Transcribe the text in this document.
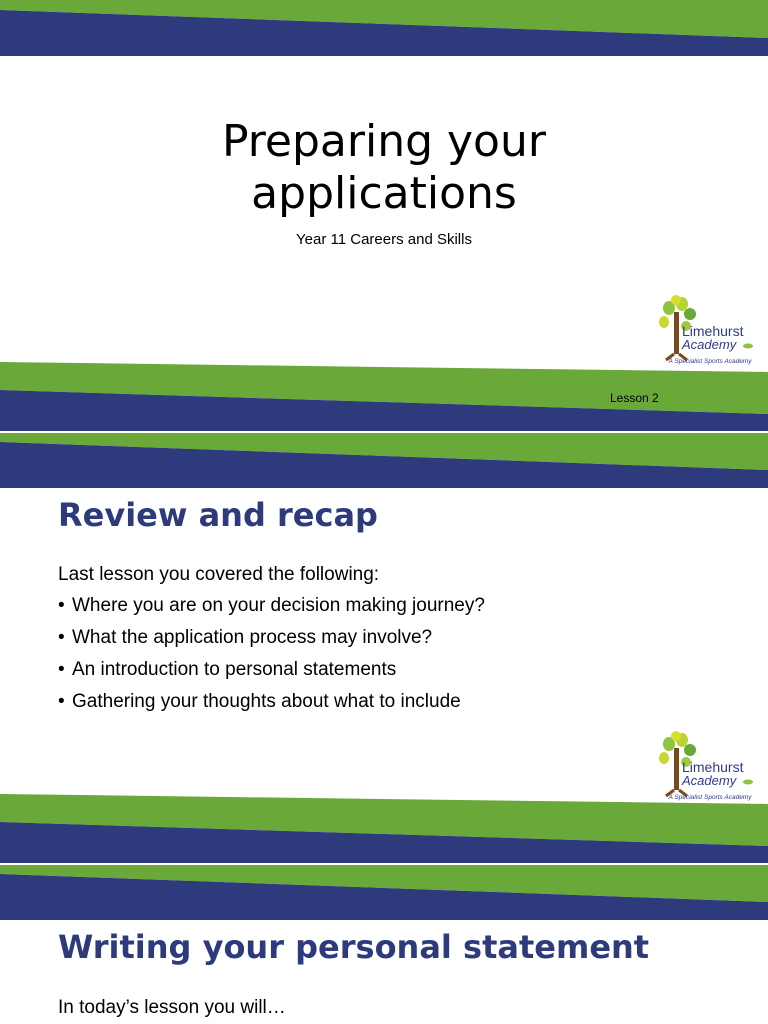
Preparing your
applications
Year 11 Careers and Skills
Limehurst
Academy
A Specialist Sports Academy
Lesson 2
Review and recap
Last lesson you covered the following:
• Where you are on your decision making journey?
• What the application process may involve?
• An introduction to personal statements
• Gathering your thoughts about what to include
Limehurst
Academy
A Specialist Sports Academy
Writing your personal statement
In today’s lesson you will…
